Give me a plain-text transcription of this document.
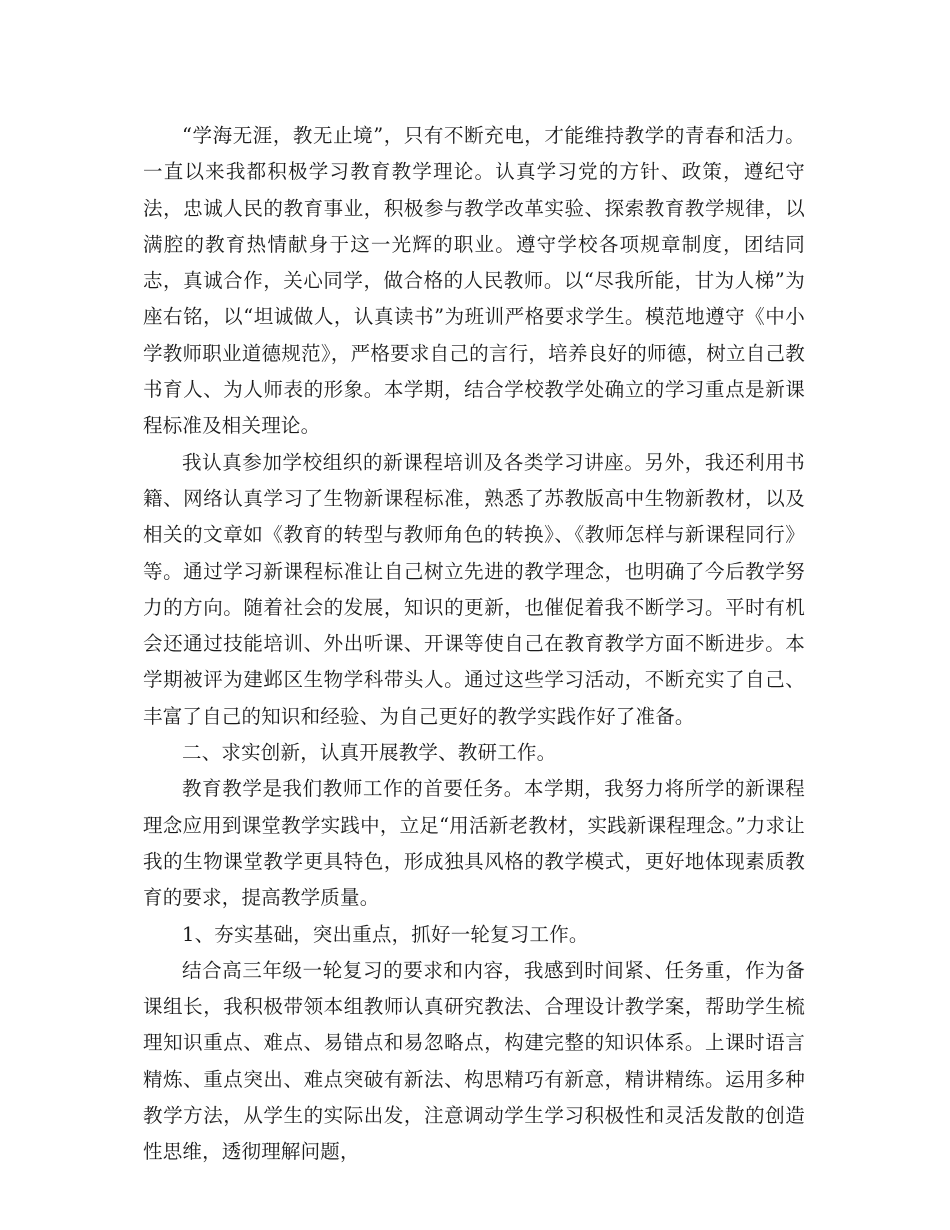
“学海无涯，教无止境”，只有不断充电，才能维持教学的青春和活力。一直以来我都积极学习教育教学理论。认真学习党的方针、政策，遵纪守法，忠诚人民的教育事业，积极参与教学改革实验、探索教育教学规律，以满腔的教育热情献身于这一光辉的职业。遵守学校各项规章制度，团结同志，真诚合作，关心同学，做合格的人民教师。以“尽我所能，甘为人梯”为座右铭，以“坦诚做人，认真读书”为班训严格要求学生。模范地遵守《中小学教师职业道德规范》，严格要求自己的言行，培养良好的师德，树立自己教书育人、为人师表的形象。本学期，结合学校教学处确立的学习重点是新课程标准及相关理论。

我认真参加学校组织的新课程培训及各类学习讲座。另外，我还利用书籍、网络认真学习了生物新课程标准，熟悉了苏教版高中生物新教材，以及相关的文章如《教育的转型与教师角色的转换》、《教师怎样与新课程同行》等。通过学习新课程标准让自己树立先进的教学理念，也明确了今后教学努力的方向。随着社会的发展，知识的更新，也催促着我不断学习。平时有机会还通过技能培训、外出听课、开课等使自己在教育教学方面不断进步。本学期被评为建邺区生物学科带头人。通过这些学习活动，不断充实了自己、丰富了自己的知识和经验、为自己更好的教学实践作好了准备。

二、求实创新，认真开展教学、教研工作。

教育教学是我们教师工作的首要任务。本学期，我努力将所学的新课程理念应用到课堂教学实践中，立足“用活新老教材，实践新课程理念。”力求让我的生物课堂教学更具特色，形成独具风格的教学模式，更好地体现素质教育的要求，提高教学质量。

1、夯实基础，突出重点，抓好一轮复习工作。

结合高三年级一轮复习的要求和内容，我感到时间紧、任务重，作为备课组长，我积极带领本组教师认真研究教法、合理设计教学案，帮助学生梳理知识重点、难点、易错点和易忽略点，构建完整的知识体系。上课时语言精炼、重点突出、难点突破有新法、构思精巧有新意，精讲精练。运用多种教学方法，从学生的实际出发，注意调动学生学习积极性和灵活发散的创造性思维，透彻理解问题，
